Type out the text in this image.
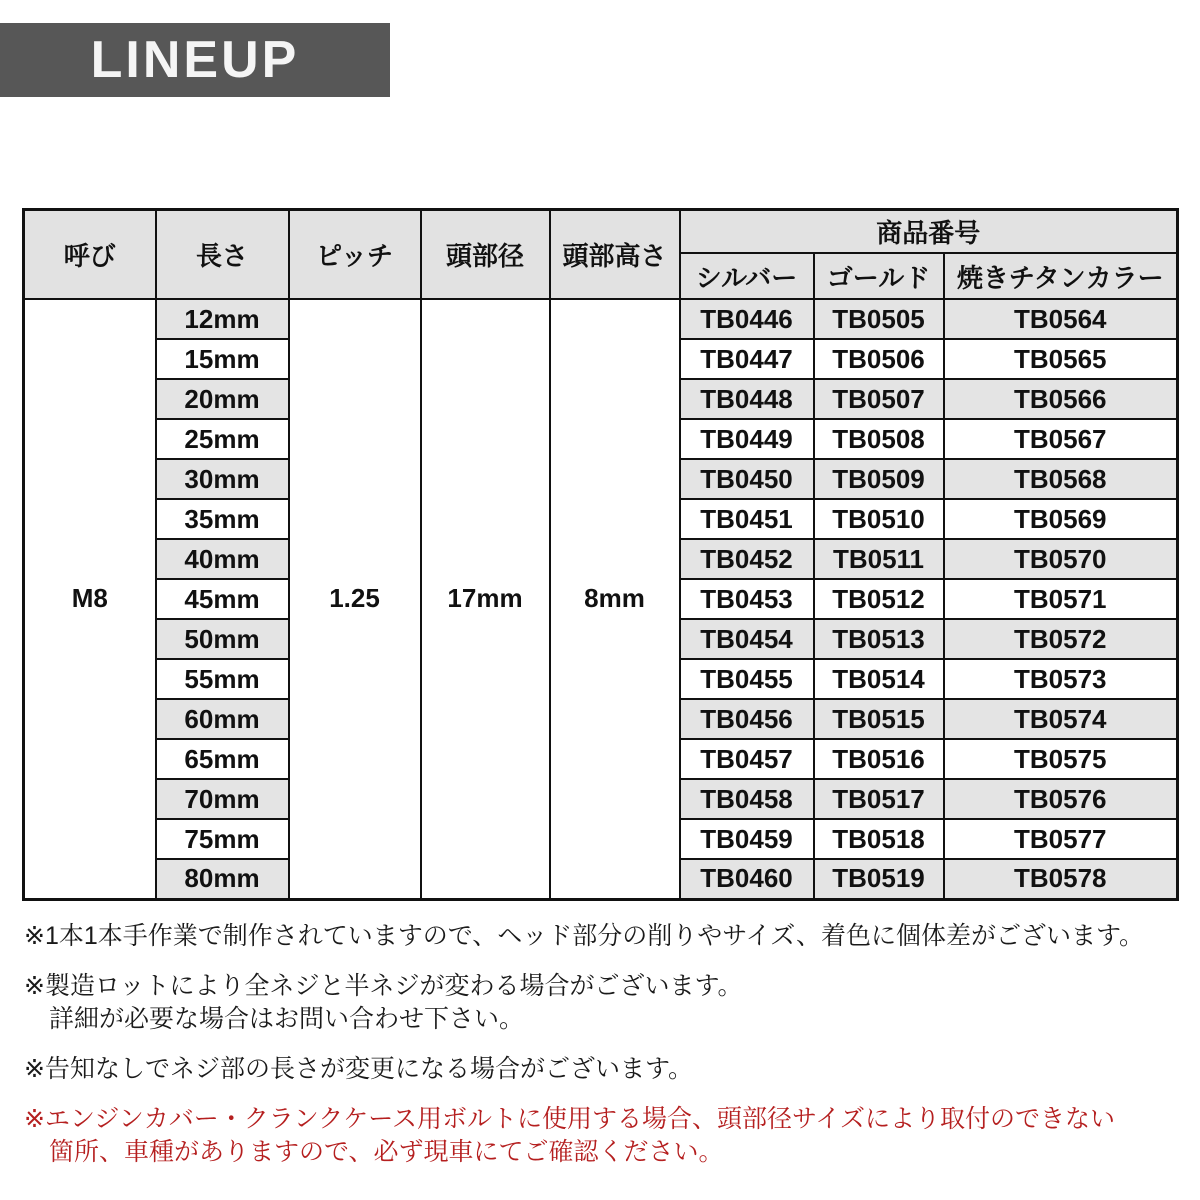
LINEUP
呼び	長さ	ピッチ	頭部径	頭部高さ	商品番号		
					シルバー	ゴールド	焼きチタンカラー
M8	12mm	1.25	17mm	8mm	TB0446	TB0505	TB0564
	15mm				TB0447	TB0506	TB0565
	20mm				TB0448	TB0507	TB0566
	25mm				TB0449	TB0508	TB0567
	30mm				TB0450	TB0509	TB0568
	35mm				TB0451	TB0510	TB0569
	40mm				TB0452	TB0511	TB0570
	45mm				TB0453	TB0512	TB0571
	50mm				TB0454	TB0513	TB0572
	55mm				TB0455	TB0514	TB0573
	60mm				TB0456	TB0515	TB0574
	65mm				TB0457	TB0516	TB0575
	70mm				TB0458	TB0517	TB0576
	75mm				TB0459	TB0518	TB0577
	80mm				TB0460	TB0519	TB0578
※1本1本手作業で制作されていますので、ヘッド部分の削りやサイズ、着色に個体差がございます。
※製造ロットにより全ネジと半ネジが変わる場合がございます。
詳細が必要な場合はお問い合わせ下さい。
※告知なしでネジ部の長さが変更になる場合がございます。
※エンジンカバー・クランクケース用ボルトに使用する場合、頭部径サイズにより取付のできない
箇所、車種がありますので、必ず現車にてご確認ください。
